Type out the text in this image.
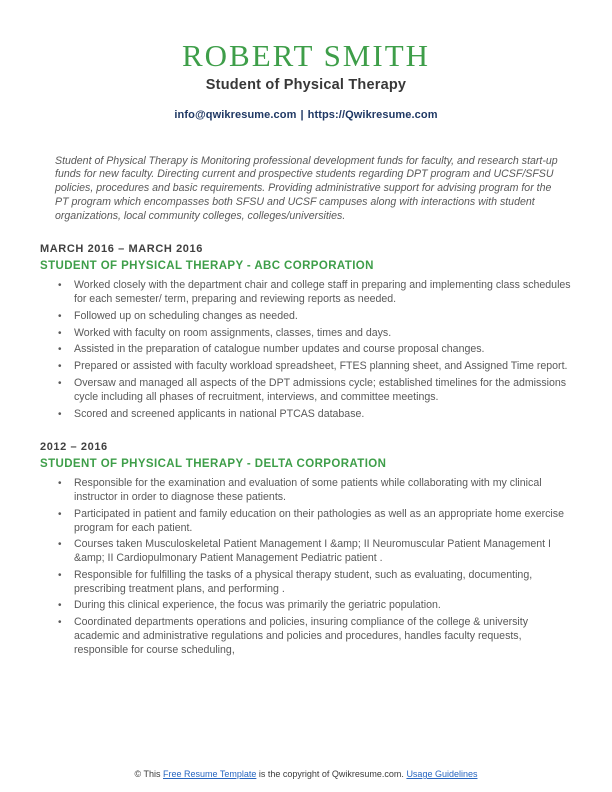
ROBERT SMITH
Student of Physical Therapy
info@qwikresume.com | https://Qwikresume.com
Student of Physical Therapy is Monitoring professional development funds for faculty, and research start-up funds for new faculty. Directing current and prospective students regarding DPT program and UCSF/SFSU policies, procedures and basic requirements. Providing administrative support for advising program for the PT program which encompasses both SFSU and UCSF campuses along with interactions with student organizations, local community colleges, colleges/universities.
MARCH 2016 – MARCH 2016
STUDENT OF PHYSICAL THERAPY - ABC CORPORATION
•	Worked closely with the department chair and college staff in preparing and implementing class schedules for each semester/ term, preparing and reviewing reports as needed.
•	Followed up on scheduling changes as needed.
•	Worked with faculty on room assignments, classes, times and days.
•	Assisted in the preparation of catalogue number updates and course proposal changes.
•	Prepared or assisted with faculty workload spreadsheet, FTES planning sheet, and Assigned Time report.
•	Oversaw and managed all aspects of the DPT admissions cycle; established timelines for the admissions cycle including all phases of recruitment, interviews, and committee meetings.
•	Scored and screened applicants in national PTCAS database.
2012 – 2016
STUDENT OF PHYSICAL THERAPY - DELTA CORPORATION
•	Responsible for the examination and evaluation of some patients while collaborating with my clinical instructor in order to diagnose these patients.
•	Participated in patient and family education on their pathologies as well as an appropriate home exercise program for each patient.
•	Courses taken Musculoskeletal Patient Management I &amp; II Neuromuscular Patient Management I &amp; II Cardiopulmonary Patient Management Pediatric patient .
•	Responsible for fulfilling the tasks of a physical therapy student, such as evaluating, documenting, prescribing treatment plans, and performing .
•	During this clinical experience, the focus was primarily the geriatric population.
•	Coordinated departments operations and policies, insuring compliance of the college & university academic and administrative regulations and policies and procedures, handles faculty requests, responsible for course scheduling,
© This Free Resume Template is the copyright of Qwikresume.com. Usage Guidelines
